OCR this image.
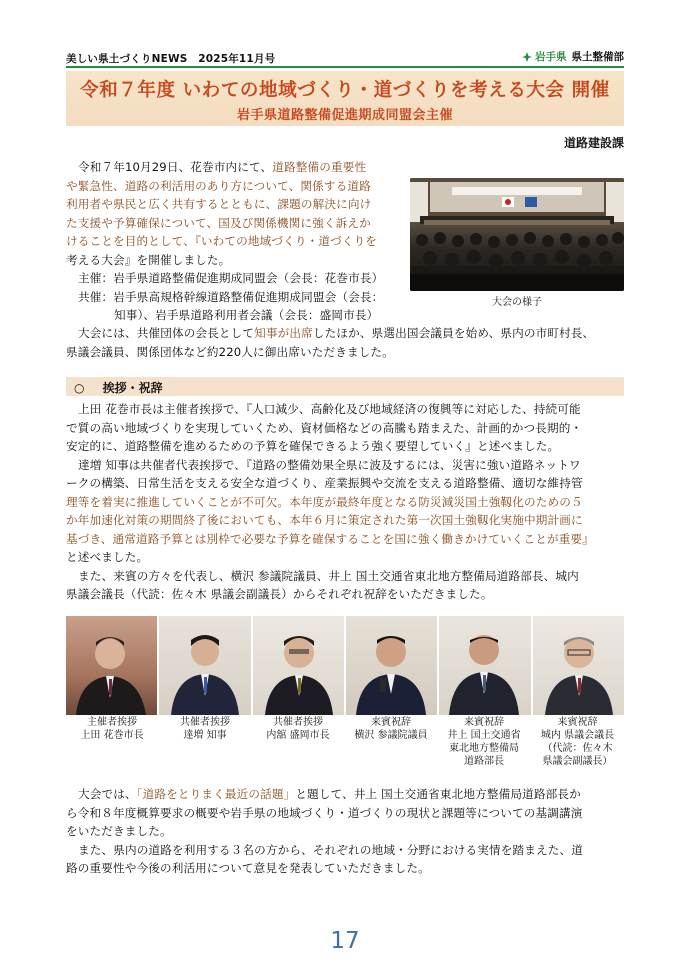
美しい県土づくりNEWS　2025年11月号	岩手県 県土整備部
令和７年度 いわての地域づくり・道づくりを考える大会 開催
岩手県道路整備促進期成同盟会主催
道路建設課
令和７年10月29日、花巻市内にて、道路整備の重要性
や緊急性、道路の利活用のあり方について、関係する道路
利用者や県民と広く共有するとともに、課題の解決に向け
た支援や予算確保について、国及び関係機関に強く訴えか
けることを目的として、『いわての地域づくり・道づくりを
考える大会』を開催しました。
主催：岩手県道路整備促進期成同盟会（会長：花巻市長）
共催：岩手県高規格幹線道路整備促進期成同盟会（会長：
知事）、岩手県道路利用者会議（会長：盛岡市長）
大会の様子
大会には、共催団体の会長として知事が出席したほか、県選出国会議員を始め、県内の市町村長、
県議会議員、関係団体など約220人に御出席いただきました。
○ 挨拶・祝辞
上田 花巻市長は主催者挨拶で、『人口減少、高齢化及び地域経済の復興等に対応した、持続可能
で質の高い地域づくりを実現していくため、資材価格などの高騰も踏まえた、計画的かつ長期的・
安定的に、道路整備を進めるための予算を確保できるよう強く要望していく』と述べました。
達増 知事は共催者代表挨拶で、『道路の整備効果全県に波及するには、災害に強い道路ネットワ
ークの構築、日常生活を支える安全な道づくり、産業振興や交流を支える道路整備、適切な維持管
理等を着実に推進していくことが不可欠。本年度が最終年度となる防災減災国土強靱化のための５
か年加速化対策の期間終了後においても、本年６月に策定された第一次国土強靱化実施中期計画に
基づき、通常道路予算とは別枠で必要な予算を確保することを国に強く働きかけていくことが重要』
と述べました。
また、来賓の方々を代表し、横沢 参議院議員、井上 国土交通省東北地方整備局道路部長、城内
県議会議長（代読：佐々木 県議会副議長）からそれぞれ祝辞をいただきました。
主催者挨拶
上田 花巻市長
共催者挨拶
達増 知事
共催者挨拶
内舘 盛岡市長
来賓祝辞
横沢 参議院議員
来賓祝辞
井上 国土交通省
東北地方整備局
道路部長
来賓祝辞
城内 県議会議長
（代読：佐々木
県議会副議長）
大会では、「道路をとりまく最近の話題」と題して、井上 国土交通省東北地方整備局道路部長か
ら令和８年度概算要求の概要や岩手県の地域づくり・道づくりの現状と課題等についての基調講演
をいただきました。
また、県内の道路を利用する３名の方から、それぞれの地域・分野における実情を踏まえた、道
路の重要性や今後の利活用について意見を発表していただきました。
17
